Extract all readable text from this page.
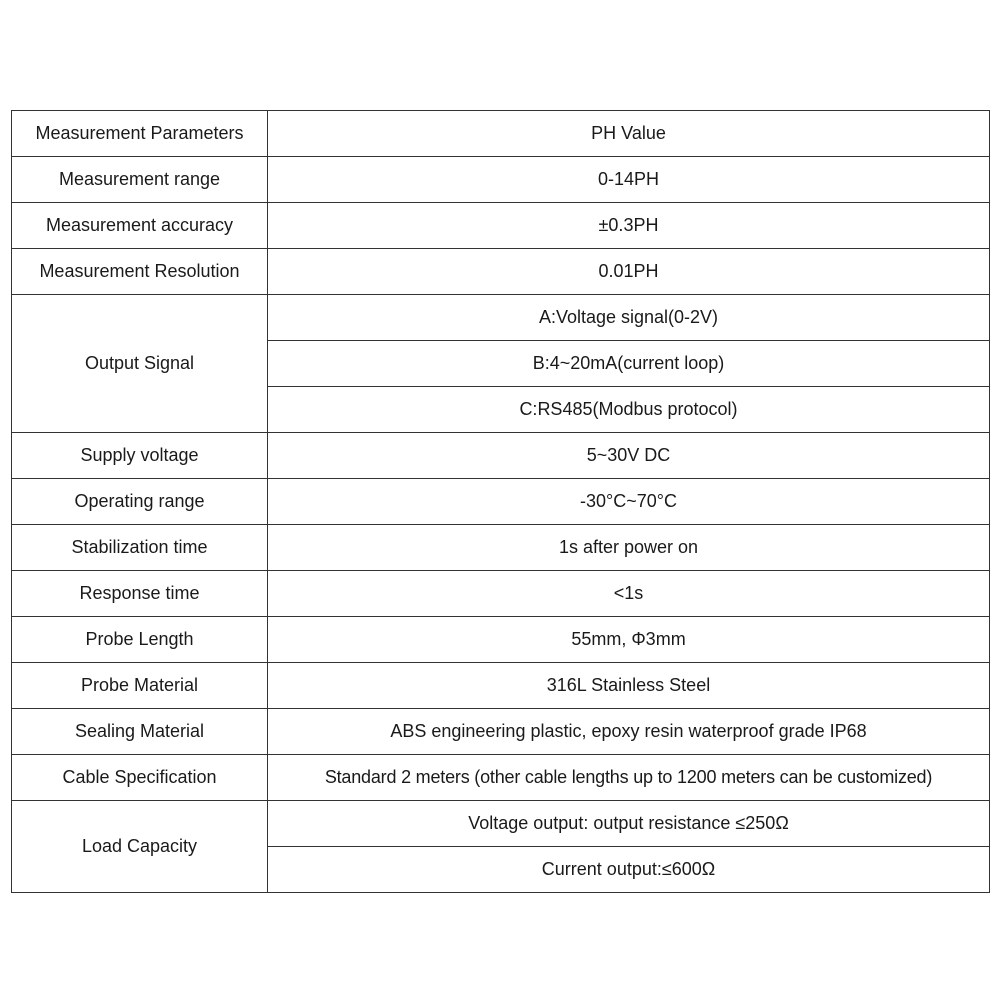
Measurement Parameters	PH Value
Measurement range	0-14PH
Measurement accuracy	±0.3PH
Measurement Resolution	0.01PH
Output Signal	A:Voltage signal(0-2V)
	B:4~20mA(current loop)
	C:RS485(Modbus protocol)
Supply voltage	5~30V DC
Operating range	-30°C~70°C
Stabilization time	1s after power on
Response time	<1s
Probe Length	55mm, Φ3mm
Probe Material	316L Stainless Steel
Sealing Material	ABS engineering plastic, epoxy resin waterproof grade IP68
Cable Specification	Standard 2 meters (other cable lengths up to 1200 meters can be customized)
Load Capacity	Voltage output: output resistance ≤250Ω
	Current output:≤600Ω
